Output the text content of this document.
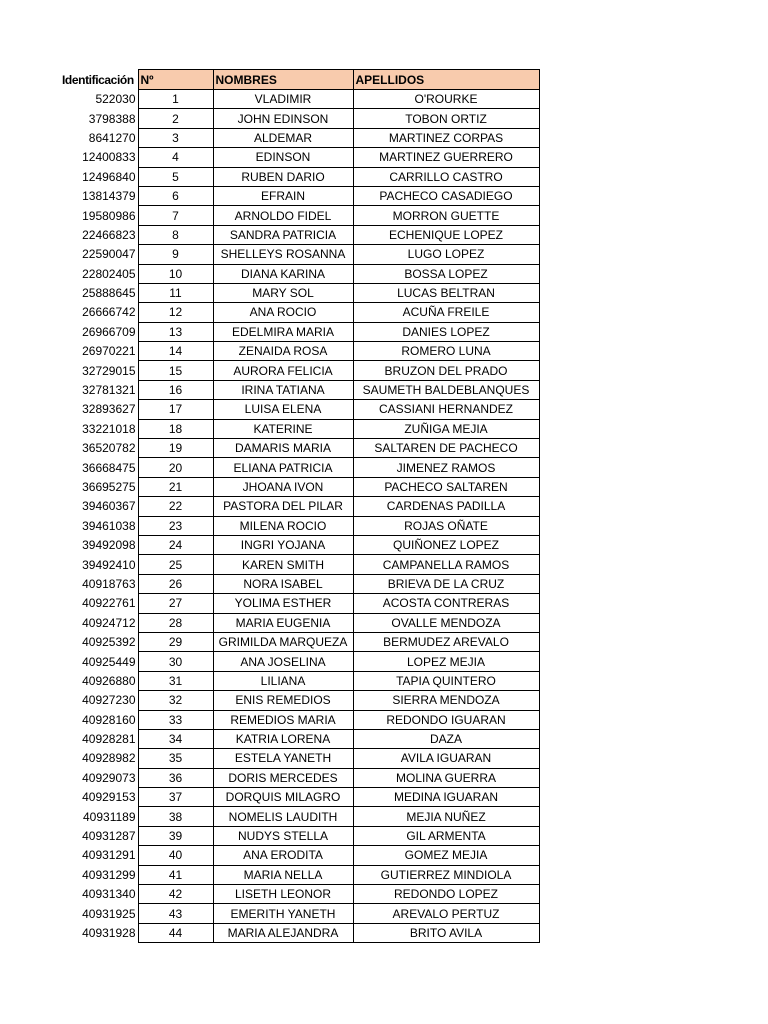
Identificación	Nº	NOMBRES	APELLIDOS
522030	1	VLADIMIR	O'ROURKE
3798388	2	JOHN EDINSON	TOBON ORTIZ
8641270	3	ALDEMAR	MARTINEZ CORPAS
12400833	4	EDINSON	MARTINEZ GUERRERO
12496840	5	RUBEN DARIO	CARRILLO CASTRO
13814379	6	EFRAIN	PACHECO CASADIEGO
19580986	7	ARNOLDO FIDEL	MORRON GUETTE
22466823	8	SANDRA PATRICIA	ECHENIQUE LOPEZ
22590047	9	SHELLEYS ROSANNA	LUGO LOPEZ
22802405	10	DIANA KARINA	BOSSA LOPEZ
25888645	11	MARY SOL	LUCAS BELTRAN
26666742	12	ANA ROCIO	ACUÑA FREILE
26966709	13	EDELMIRA MARIA	DANIES LOPEZ
26970221	14	ZENAIDA ROSA	ROMERO LUNA
32729015	15	AURORA FELICIA	BRUZON DEL PRADO
32781321	16	IRINA TATIANA	SAUMETH BALDEBLANQUES
32893627	17	LUISA ELENA	CASSIANI HERNANDEZ
33221018	18	KATERINE	ZUÑIGA MEJIA
36520782	19	DAMARIS MARIA	SALTAREN DE PACHECO
36668475	20	ELIANA PATRICIA	JIMENEZ RAMOS
36695275	21	JHOANA IVON	PACHECO SALTAREN
39460367	22	PASTORA DEL PILAR	CARDENAS PADILLA
39461038	23	MILENA ROCIO	ROJAS OÑATE
39492098	24	INGRI YOJANA	QUIÑONEZ LOPEZ
39492410	25	KAREN SMITH	CAMPANELLA RAMOS
40918763	26	NORA ISABEL	BRIEVA DE LA CRUZ
40922761	27	YOLIMA ESTHER	ACOSTA CONTRERAS
40924712	28	MARIA EUGENIA	OVALLE MENDOZA
40925392	29	GRIMILDA MARQUEZA	BERMUDEZ AREVALO
40925449	30	ANA JOSELINA	LOPEZ MEJIA
40926880	31	LILIANA	TAPIA QUINTERO
40927230	32	ENIS REMEDIOS	SIERRA MENDOZA
40928160	33	REMEDIOS MARIA	REDONDO IGUARAN
40928281	34	KATRIA LORENA	DAZA
40928982	35	ESTELA YANETH	AVILA IGUARAN
40929073	36	DORIS MERCEDES	MOLINA GUERRA
40929153	37	DORQUIS MILAGRO	MEDINA IGUARAN
40931189	38	NOMELIS LAUDITH	MEJIA NUÑEZ
40931287	39	NUDYS STELLA	GIL ARMENTA
40931291	40	ANA ERODITA	GOMEZ MEJIA
40931299	41	MARIA NELLA	GUTIERREZ MINDIOLA
40931340	42	LISETH LEONOR	REDONDO LOPEZ
40931925	43	EMERITH YANETH	AREVALO PERTUZ
40931928	44	MARIA ALEJANDRA	BRITO AVILA
